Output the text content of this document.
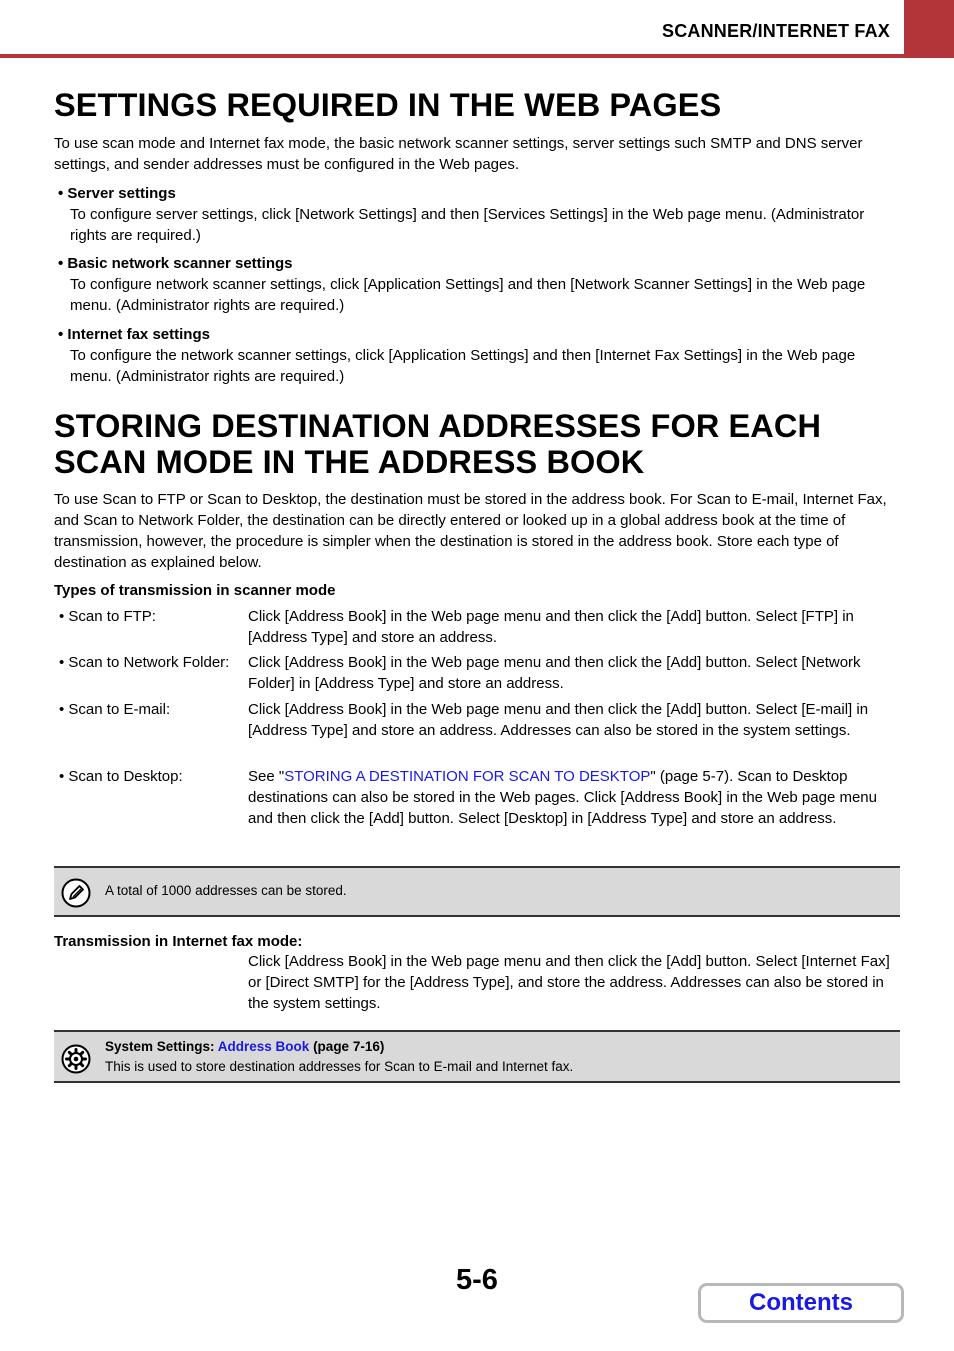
SCANNER/INTERNET FAX
SETTINGS REQUIRED IN THE WEB PAGES
To use scan mode and Internet fax mode, the basic network scanner settings, server settings such SMTP and DNS server settings, and sender addresses must be configured in the Web pages.
• Server settings
To configure server settings, click [Network Settings] and then [Services Settings] in the Web page menu. (Administrator rights are required.)
• Basic network scanner settings
To configure network scanner settings, click [Application Settings] and then [Network Scanner Settings] in the Web page menu. (Administrator rights are required.)
• Internet fax settings
To configure the network scanner settings, click [Application Settings] and then [Internet Fax Settings] in the Web page menu. (Administrator rights are required.)
STORING DESTINATION ADDRESSES FOR EACH
SCAN MODE IN THE ADDRESS BOOK
To use Scan to FTP or Scan to Desktop, the destination must be stored in the address book. For Scan to E-mail, Internet Fax, and Scan to Network Folder, the destination can be directly entered or looked up in a global address book at the time of transmission, however, the procedure is simpler when the destination is stored in the address book. Store each type of destination as explained below.
Types of transmission in scanner mode
• Scan to FTP:	Click [Address Book] in the Web page menu and then click the [Add] button. Select [FTP] in [Address Type] and store an address.
• Scan to Network Folder: Click [Address Book] in the Web page menu and then click the [Add] button. Select [Network Folder] in [Address Type] and store an address.
• Scan to E-mail:	Click [Address Book] in the Web page menu and then click the [Add] button. Select [E-mail] in [Address Type] and store an address. Addresses can also be stored in the system settings.
• Scan to Desktop:	See "STORING A DESTINATION FOR SCAN TO DESKTOP" (page 5-7). Scan to Desktop destinations can also be stored in the Web pages. Click [Address Book] in the Web page menu and then click the [Add] button. Select [Desktop] in [Address Type] and store an address.
A total of 1000 addresses can be stored.
Transmission in Internet fax mode:
Click [Address Book] in the Web page menu and then click the [Add] button. Select [Internet Fax] or [Direct SMTP] for the [Address Type], and store the address. Addresses can also be stored in the system settings.
System Settings: Address Book (page 7-16)
This is used to store destination addresses for Scan to E-mail and Internet fax.
5-6
Contents
